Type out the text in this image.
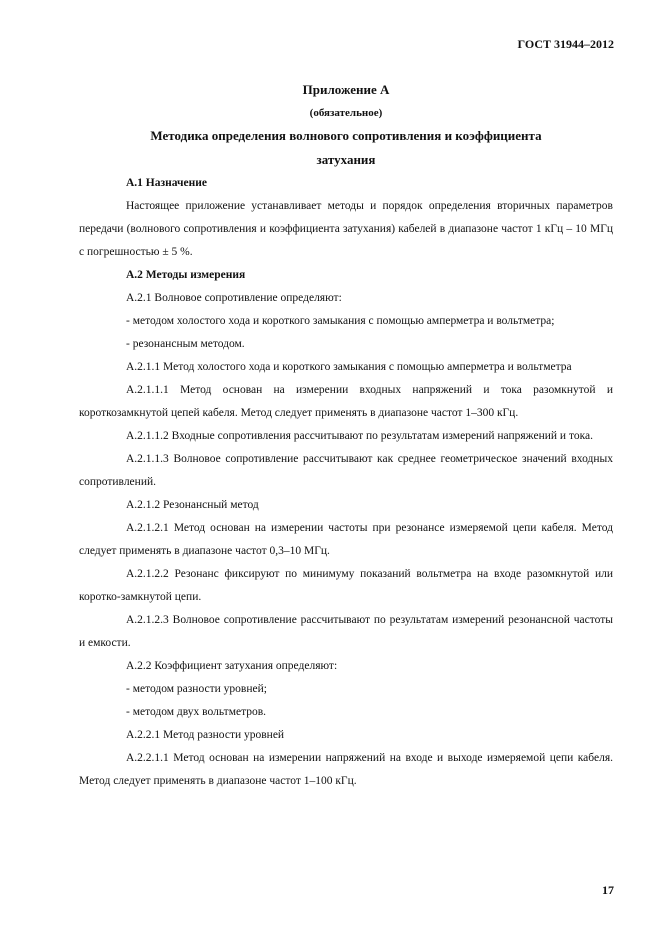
ГОСТ 31944–2012
Приложение А
(обязательное)
Методика определения волнового сопротивления и коэффициента
затухания

А.1 Назначение

Настоящее приложение устанавливает методы и порядок определения вторичных параметров передачи (волнового сопротивления и коэффициента затухания) кабелей в диапазоне частот 1 кГц – 10 МГц с погрешностью ± 5 %.

А.2 Методы измерения

А.2.1 Волновое сопротивление определяют:

- методом холостого хода и короткого замыкания с помощью амперметра и вольтметра;

- резонансным методом.

А.2.1.1 Метод холостого хода и короткого замыкания с помощью амперметра и вольтметра

А.2.1.1.1 Метод основан на измерении входных напряжений и тока разомкнутой и короткозамкнутой цепей кабеля. Метод следует применять в диапазоне частот 1–300 кГц.

А.2.1.1.2 Входные сопротивления рассчитывают по результатам измерений напряжений и тока.

А.2.1.1.3 Волновое сопротивление рассчитывают как среднее геометрическое значений входных сопротивлений.

А.2.1.2 Резонансный метод

А.2.1.2.1 Метод основан на измерении частоты при резонансе измеряемой цепи кабеля. Метод следует применять в диапазоне частот 0,3–10 МГц.

А.2.1.2.2 Резонанс фиксируют по минимуму показаний вольтметра на входе разомкнутой или коротко-замкнутой цепи.

А.2.1.2.3 Волновое сопротивление рассчитывают по результатам измерений резонансной частоты и емкости.

А.2.2 Коэффициент затухания определяют:

- методом разности уровней;

- методом двух вольтметров.

А.2.2.1 Метод разности уровней

А.2.2.1.1 Метод основан на измерении напряжений на входе и выходе измеряемой цепи кабеля. Метод следует применять в диапазоне частот 1–100 кГц.

17
